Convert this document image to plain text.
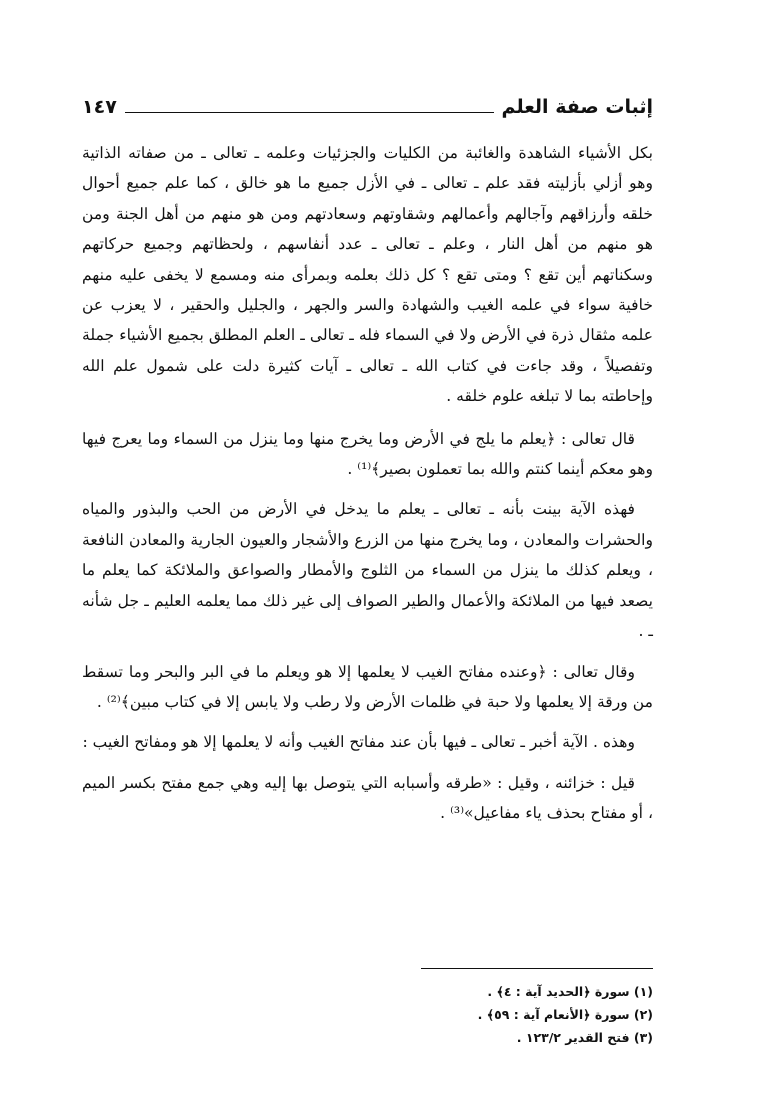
إثبات صفة العلم
١٤٧

بكل الأشياء الشاهدة والغائبة من الكليات والجزئيات وعلمه ـ تعالى ـ من صفاته الذاتية وهو أزلي بأزليته فقد علم ـ تعالى ـ في الأزل جميع ما هو خالق ، كما علم جميع أحوال خلقه وأرزاقهم وآجالهم وأعمالهم وشقاوتهم وسعادتهم ومن هو منهم من أهل الجنة ومن هو منهم من أهل النار ، وعلم ـ تعالى ـ عدد أنفاسهم ، ولحظاتهم وجميع حركاتهم وسكناتهم أين تقع ؟ ومتى تقع ؟ كل ذلك بعلمه وبمرأى منه ومسمع لا يخفى عليه منهم خافية سواء في علمه الغيب والشهادة والسر والجهر ، والجليل والحقير ، لا يعزب عن علمه مثقال ذرة في الأرض ولا في السماء فله ـ تعالى ـ العلم المطلق بجميع الأشياء جملة وتفصيلاً ، وقد جاءت في كتاب الله ـ تعالى ـ آيات كثيرة دلت على شمول علم الله وإحاطته بما لا تبلغه علوم خلقه .

قال تعالى : ﴿يعلم ما يلج في الأرض وما يخرج منها وما ينزل من السماء وما يعرج فيها وهو معكم أينما كنتم والله بما تعملون بصير﴾⁽¹⁾ .

فهذه الآية بينت بأنه ـ تعالى ـ يعلم ما يدخل في الأرض من الحب والبذور والمياه والحشرات والمعادن ، وما يخرج منها من الزرع والأشجار والعيون الجارية والمعادن النافعة ، ويعلم كذلك ما ينزل من السماء من الثلوج والأمطار والصواعق والملائكة كما يعلم ما يصعد فيها من الملائكة والأعمال والطير الصواف إلى غير ذلك مما يعلمه العليم ـ جل شأنه ـ .

وقال تعالى : ﴿وعنده مفاتح الغيب لا يعلمها إلا هو ويعلم ما في البر والبحر وما تسقط من ورقة إلا يعلمها ولا حبة في ظلمات الأرض ولا رطب ولا يابس إلا في كتاب مبين﴾⁽²⁾ .

وهذه . الآية أخبر ـ تعالى ـ فيها بأن عند مفاتح الغيب وأنه لا يعلمها إلا هو ومفاتح الغيب :

قيل : خزائنه ، وقيل : «طرقه وأسبابه التي يتوصل بها إليه وهي جمع مفتح بكسر الميم ، أو مفتاح بحذف ياء مفاعيل»⁽³⁾ .

(١) سورة ﴿الحديد آية : ٤﴾ .
(٢) سورة ﴿الأنعام آية : ٥٩﴾ .
(٣) فتح القدير ١٢٣/٢ .
